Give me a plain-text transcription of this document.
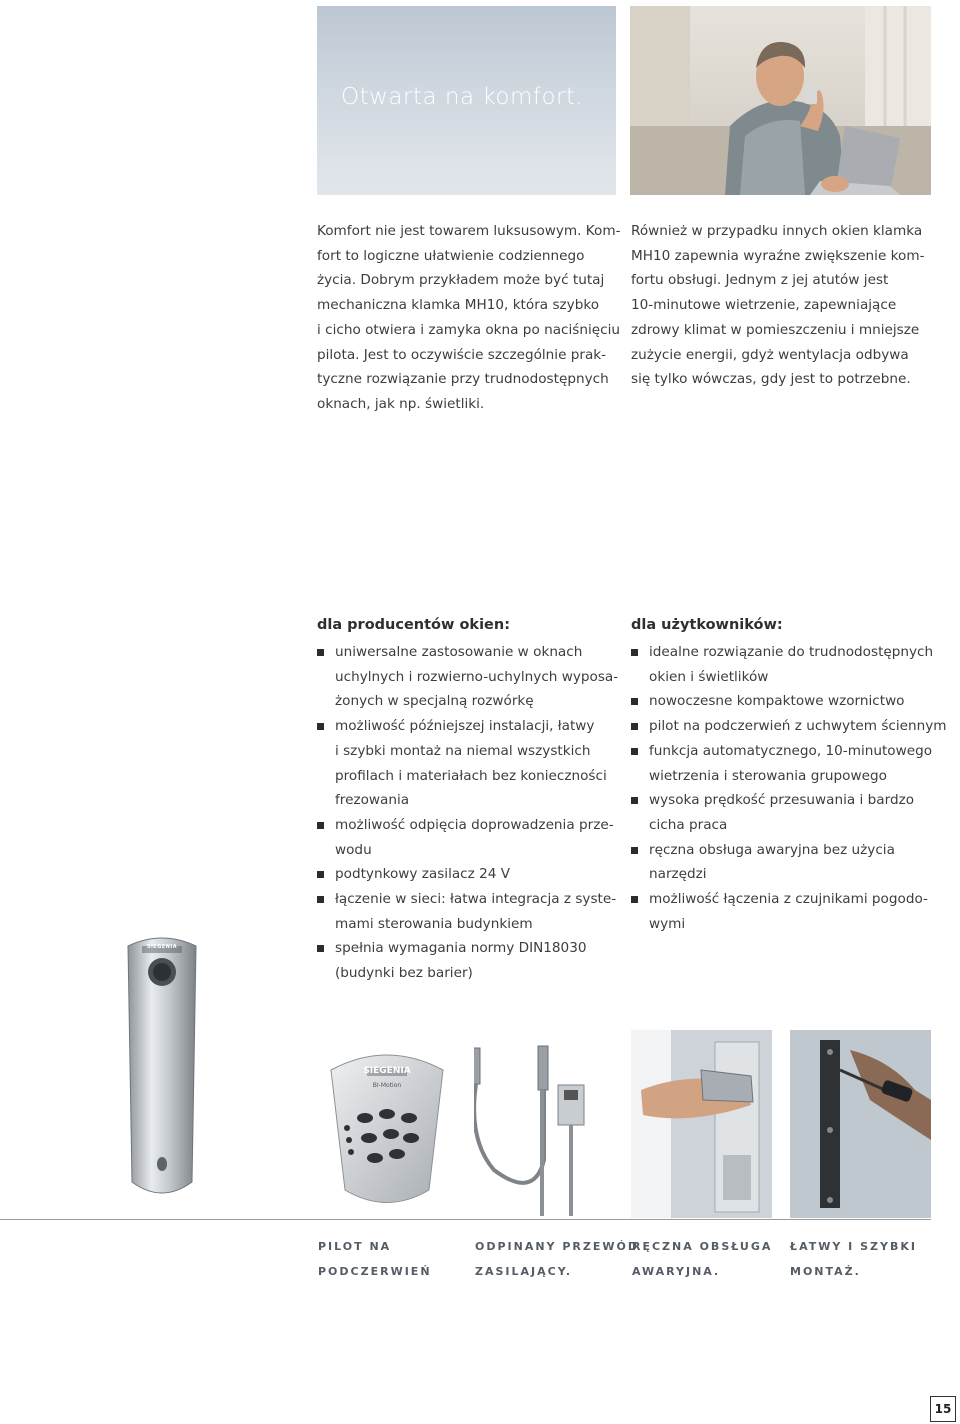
Otwarta na komfort.
Komfort nie jest towarem luksusowym. Kom-
fort to logiczne ułatwienie codziennego
życia. Dobrym przykładem może być tutaj
mechaniczna klamka MH10, która szybko
i cicho otwiera i zamyka okna po naciśnięciu
pilota. Jest to oczywiście szczególnie prak-
tyczne rozwiązanie przy trudnodostępnych
oknach, jak np. świetliki.
Również w przypadku innych okien klamka
MH10 zapewnia wyraźne zwiększenie kom-
fortu obsługi. Jednym z jej atutów jest
10-minutowe wietrzenie, zapewniające
zdrowy klimat w pomieszczeniu i mniejsze
zużycie energii, gdyż wentylacja odbywa
się tylko wówczas, gdy jest to potrzebne.
dla producentów okien:
uniwersalne zastosowanie w oknach
uchylnych i rozwierno-uchylnych wyposa-
żonych w specjalną rozwórkę
możliwość późniejszej instalacji, łatwy
i szybki montaż na niemal wszystkich
profilach i materiałach bez konieczności
frezowania
możliwość odpięcia doprowadzenia prze-
wodu
podtynkowy zasilacz 24 V
łączenie w sieci: łatwa integracja z syste-
mami sterowania budynkiem
spełnia wymagania normy DIN18030
(budynki bez barier)
dla użytkowników:
idealne rozwiązanie do trudnodostępnych
okien i świetlików
nowoczesne kompaktowe wzornictwo
pilot na podczerwień z uchwytem ściennym
funkcja automatycznego, 10-minutowego
wietrzenia i sterowania grupowego
wysoka prędkość przesuwania i bardzo
cicha praca
ręczna obsługa awaryjna bez użycia
narzędzi
możliwość łączenia z czujnikami pogodo-
wymi
SIEGENIA
SIEGENIA
BI-Motion
PILOT NA
PODCZERWIEŃ
ODPINANY PRZEWÓD
ZASILAJĄCY.
RĘCZNA OBSŁUGA
AWARYJNA.
ŁATWY I SZYBKI
MONTAŻ.
15
